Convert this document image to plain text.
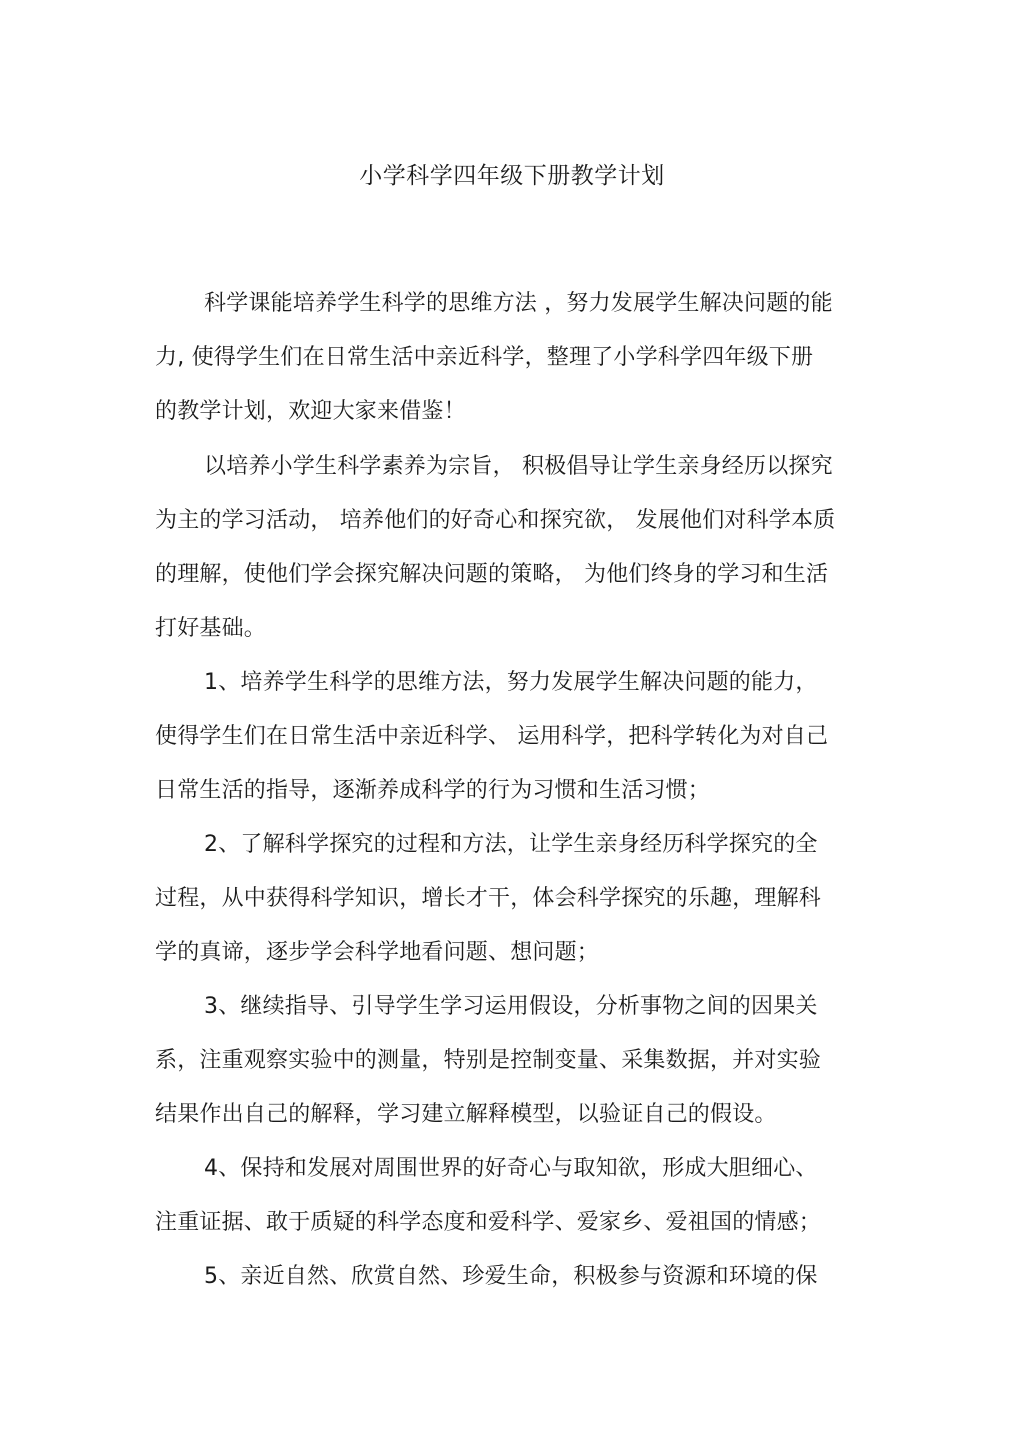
小学科学四年级下册教学计划
科学课能培养学生科学的思维方法 ，努力发展学生解决问题的能
力, 使得学生们在日常生活中亲近科学，整理了小学科学四年级下册
的教学计划，欢迎大家来借鉴！
以培养小学生科学素养为宗旨， 积极倡导让学生亲身经历以探究
为主的学习活动， 培养他们的好奇心和探究欲， 发展他们对科学本质
的理解，使他们学会探究解决问题的策略， 为他们终身的学习和生活
打好基础。
1、培养学生科学的思维方法，努力发展学生解决问题的能力，
使得学生们在日常生活中亲近科学、 运用科学，把科学转化为对自己
日常生活的指导，逐渐养成科学的行为习惯和生活习惯；
2、了解科学探究的过程和方法，让学生亲身经历科学探究的全
过程，从中获得科学知识，增长才干，体会科学探究的乐趣，理解科
学的真谛，逐步学会科学地看问题、想问题；
3、继续指导、引导学生学习运用假设，分析事物之间的因果关
系，注重观察实验中的测量，特别是控制变量、采集数据，并对实验
结果作出自己的解释，学习建立解释模型，以验证自己的假设。
4、保持和发展对周围世界的好奇心与取知欲，形成大胆细心、
注重证据、敢于质疑的科学态度和爱科学、爱家乡、爱祖国的情感；
5、亲近自然、欣赏自然、珍爱生命，积极参与资源和环境的保
